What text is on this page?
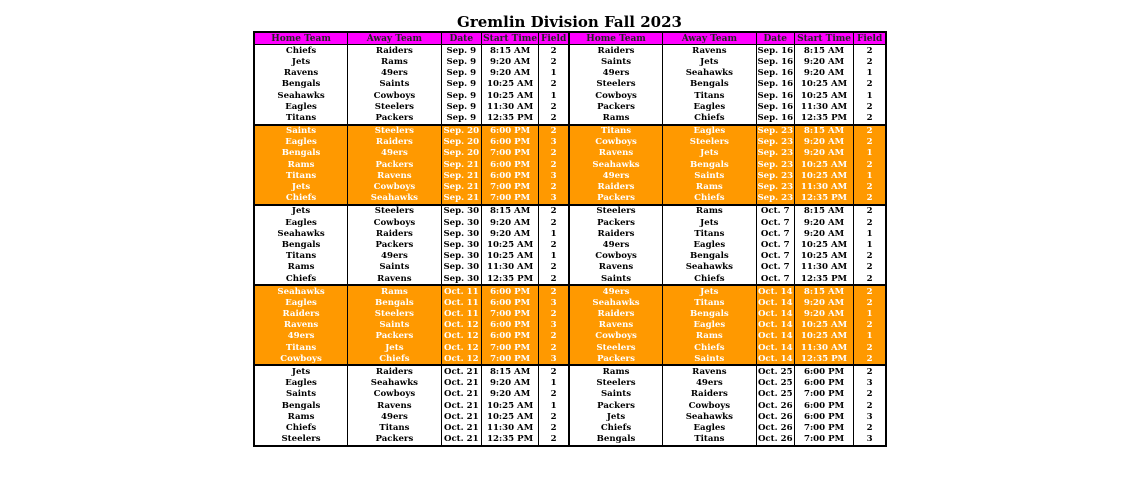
Gremlin Division Fall 2023
Home Team	Away Team	Date	Start Time	Field	Home Team	Away Team	Date	Start Time	Field
Chiefs	Raiders	Sep. 9	8:15 AM	2	Raiders	Ravens	Sep. 16	8:15 AM	2
Jets	Rams	Sep. 9	9:20 AM	2	Saints	Jets	Sep. 16	9:20 AM	2
Ravens	49ers	Sep. 9	9:20 AM	1	49ers	Seahawks	Sep. 16	9:20 AM	1
Bengals	Saints	Sep. 9	10:25 AM	2	Steelers	Bengals	Sep. 16	10:25 AM	2
Seahawks	Cowboys	Sep. 9	10:25 AM	1	Cowboys	Titans	Sep. 16	10:25 AM	1
Eagles	Steelers	Sep. 9	11:30 AM	2	Packers	Eagles	Sep. 16	11:30 AM	2
Titans	Packers	Sep. 9	12:35 PM	2	Rams	Chiefs	Sep. 16	12:35 PM	2
Saints	Steelers	Sep. 20	6:00 PM	2	Titans	Eagles	Sep. 23	8:15 AM	2
Eagles	Raiders	Sep. 20	6:00 PM	3	Cowboys	Steelers	Sep. 23	9:20 AM	2
Bengals	49ers	Sep. 20	7:00 PM	2	Ravens	Jets	Sep. 23	9:20 AM	1
Rams	Packers	Sep. 21	6:00 PM	2	Seahawks	Bengals	Sep. 23	10:25 AM	2
Titans	Ravens	Sep. 21	6:00 PM	3	49ers	Saints	Sep. 23	10:25 AM	1
Jets	Cowboys	Sep. 21	7:00 PM	2	Raiders	Rams	Sep. 23	11:30 AM	2
Chiefs	Seahawks	Sep. 21	7:00 PM	3	Packers	Chiefs	Sep. 23	12:35 PM	2
Jets	Steelers	Sep. 30	8:15 AM	2	Steelers	Rams	Oct. 7	8:15 AM	2
Eagles	Cowboys	Sep. 30	9:20 AM	2	Packers	Jets	Oct. 7	9:20 AM	2
Seahawks	Raiders	Sep. 30	9:20 AM	1	Raiders	Titans	Oct. 7	9:20 AM	1
Bengals	Packers	Sep. 30	10:25 AM	2	49ers	Eagles	Oct. 7	10:25 AM	1
Titans	49ers	Sep. 30	10:25 AM	1	Cowboys	Bengals	Oct. 7	10:25 AM	2
Rams	Saints	Sep. 30	11:30 AM	2	Ravens	Seahawks	Oct. 7	11:30 AM	2
Chiefs	Ravens	Sep. 30	12:35 PM	2	Saints	Chiefs	Oct. 7	12:35 PM	2
Seahawks	Rams	Oct. 11	6:00 PM	2	49ers	Jets	Oct. 14	8:15 AM	2
Eagles	Bengals	Oct. 11	6:00 PM	3	Seahawks	Titans	Oct. 14	9:20 AM	2
Raiders	Steelers	Oct. 11	7:00 PM	2	Raiders	Bengals	Oct. 14	9:20 AM	1
Ravens	Saints	Oct. 12	6:00 PM	3	Ravens	Eagles	Oct. 14	10:25 AM	2
49ers	Packers	Oct. 12	6:00 PM	2	Cowboys	Rams	Oct. 14	10:25 AM	1
Titans	Jets	Oct. 12	7:00 PM	2	Steelers	Chiefs	Oct. 14	11:30 AM	2
Cowboys	Chiefs	Oct. 12	7:00 PM	3	Packers	Saints	Oct. 14	12:35 PM	2
Jets	Raiders	Oct. 21	8:15 AM	2	Rams	Ravens	Oct. 25	6:00 PM	2
Eagles	Seahawks	Oct. 21	9:20 AM	1	Steelers	49ers	Oct. 25	6:00 PM	3
Saints	Cowboys	Oct. 21	9:20 AM	2	Saints	Raiders	Oct. 25	7:00 PM	2
Bengals	Ravens	Oct. 21	10:25 AM	1	Packers	Cowboys	Oct. 26	6:00 PM	2
Rams	49ers	Oct. 21	10:25 AM	2	Jets	Seahawks	Oct. 26	6:00 PM	3
Chiefs	Titans	Oct. 21	11:30 AM	2	Chiefs	Eagles	Oct. 26	7:00 PM	2
Steelers	Packers	Oct. 21	12:35 PM	2	Bengals	Titans	Oct. 26	7:00 PM	3
